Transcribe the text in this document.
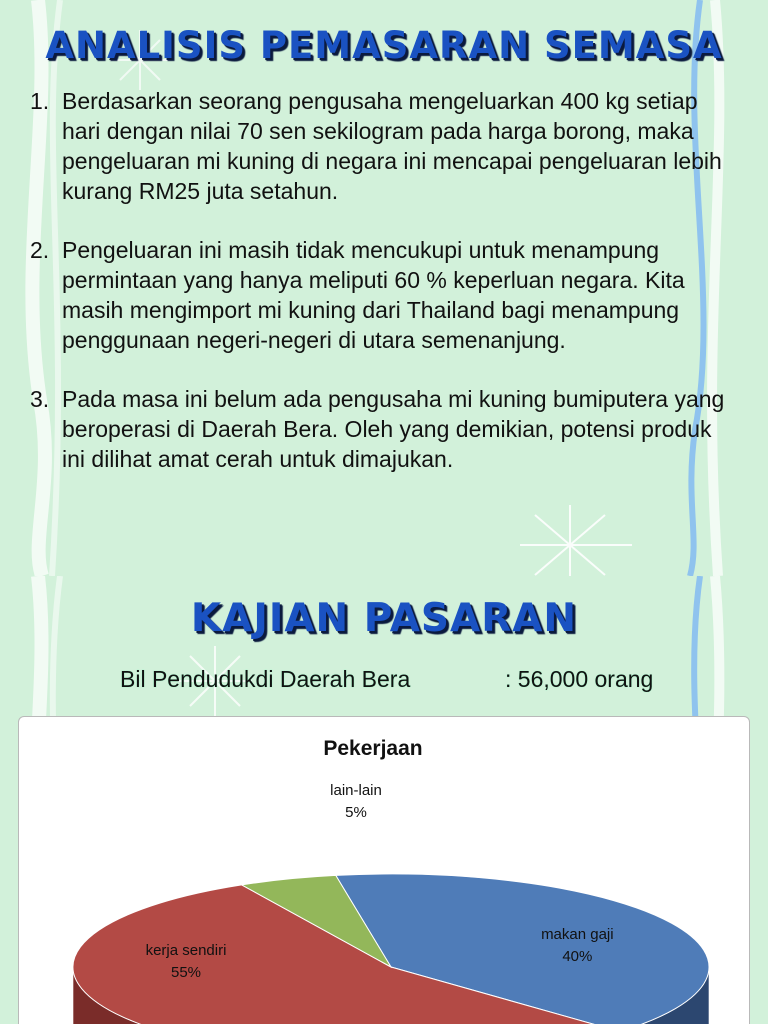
ANALISIS PEMASARAN SEMASA
1. Berdasarkan seorang pengusaha mengeluarkan 400 kg setiap hari dengan nilai 70 sen sekilogram pada harga borong, maka pengeluaran mi kuning di negara ini mencapai pengeluaran lebih kurang RM25 juta setahun.
2. Pengeluaran ini masih tidak mencukupi untuk menampung permintaan yang hanya meliputi 60 % keperluan negara. Kita masih mengimport mi kuning dari Thailand bagi menampung penggunaan negeri-negeri di utara semenanjung.
3. Pada masa ini belum ada pengusaha mi kuning bumiputera yang beroperasi di Daerah Bera. Oleh yang demikian, potensi produk ini dilihat amat cerah untuk dimajukan.
KAJIAN PASARAN
Bil Pendudukdi Daerah Bera	: 56,000 orang
Pekerjaan
makan gaji
40%
kerja sendiri
55%
lain-lain
5%
